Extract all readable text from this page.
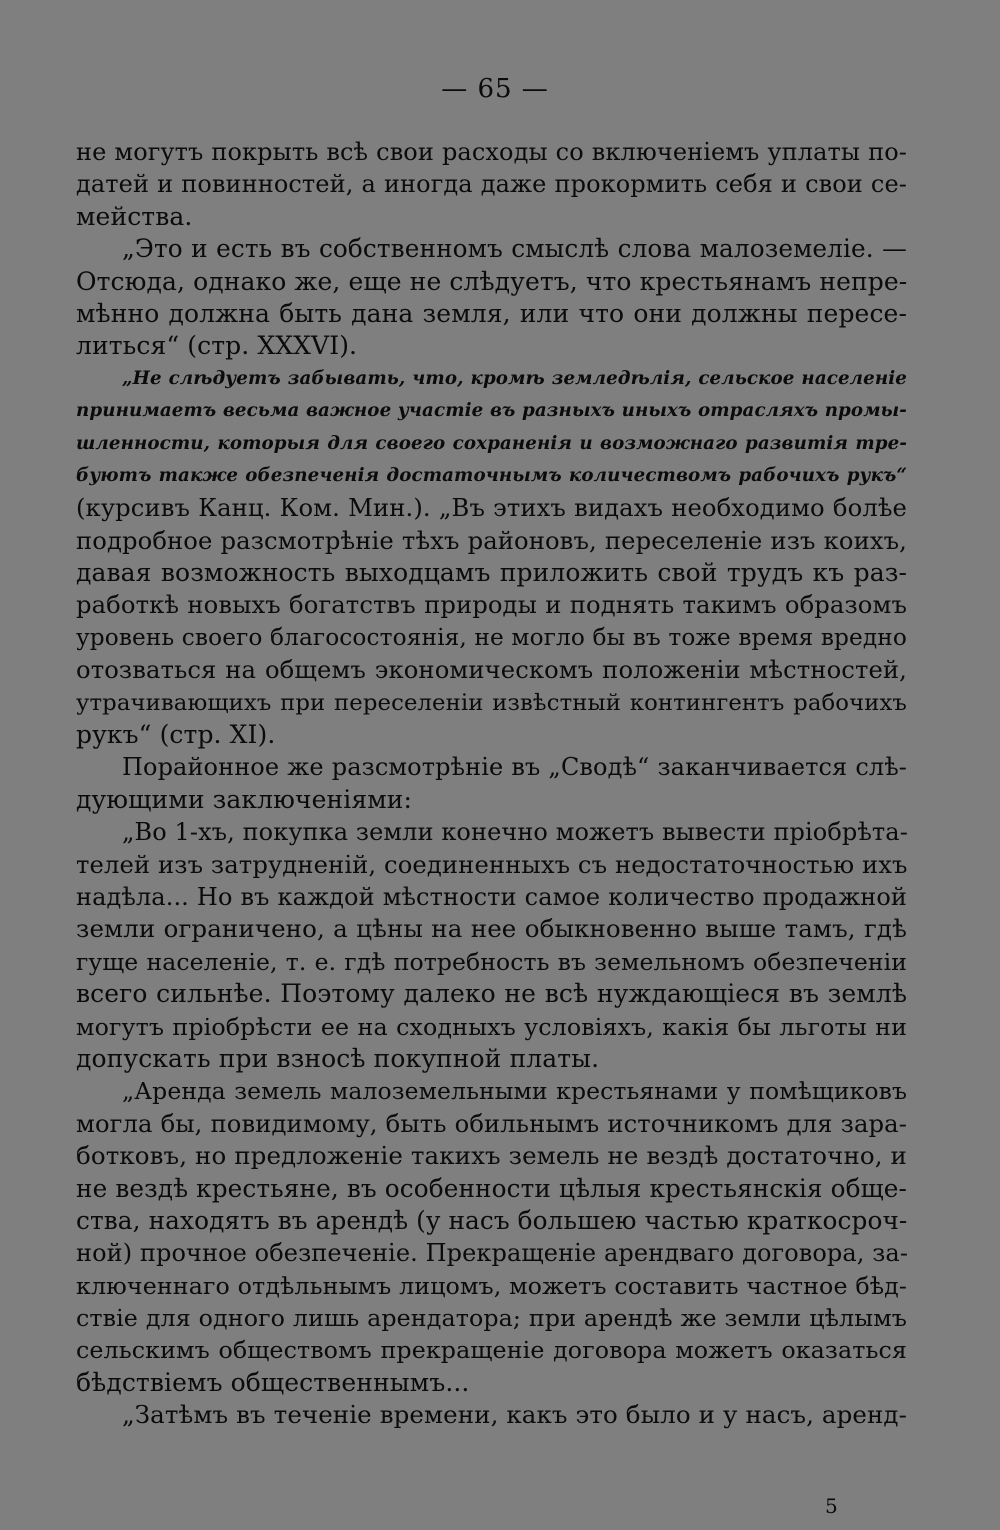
— 65 —
не могутъ покрыть всѣ свои расходы со включеніемъ уплаты по-
датей и повинностей, а иногда даже прокормить себя и свои се-
мейства.
„Это и есть въ собственномъ смыслѣ слова малоземеліе. —
Отсюда, однако же, еще не слѣдуетъ, что крестьянамъ непре-
мѣнно должна быть дана земля, или что они должны пересе-
литься“ (стр. XXXVI).
„Не слѣдуетъ забывать, что, кромѣ земледѣлія, сельское населеніе
принимаетъ весьма важное участіе въ разныхъ иныхъ отрасляхъ промы-
шленности, которыя для своего сохраненія и возможнаго развитія тре-
буютъ также обезпеченія достаточнымъ количествомъ рабочихъ рукъ“
(курсивъ Канц. Ком. Мин.). „Въ этихъ видахъ необходимо болѣе
подробное разсмотрѣніе тѣхъ районовъ, переселеніе изъ коихъ,
давая возможность выходцамъ приложить свой трудъ къ раз-
работкѣ новыхъ богатствъ природы и поднять такимъ образомъ
уровень своего благосостоянія, не могло бы въ тоже время вредно
отозваться на общемъ экономическомъ положеніи мѣстностей,
утрачивающихъ при переселеніи извѣстный контингентъ рабочихъ
рукъ“ (стр. XI).
Порайонное же разсмотрѣніе въ „Сводѣ“ заканчивается слѣ-
дующими заключеніями:
„Во 1-хъ, покупка земли конечно можетъ вывести пріобрѣта-
телей изъ затрудненій, соединенныхъ съ недостаточностью ихъ
надѣла... Но въ каждой мѣстности самое количество продажной
земли ограничено, а цѣны на нее обыкновенно выше тамъ, гдѣ
гуще населеніе, т. е. гдѣ потребность въ земельномъ обезпеченіи
всего сильнѣе. Поэтому далеко не всѣ нуждающіеся въ землѣ
могутъ пріобрѣсти ее на сходныхъ условіяхъ, какія бы льготы ни
допускать при взносѣ покупной платы.
„Аренда земель малоземельными крестьянами у помѣщиковъ
могла бы, повидимому, быть обильнымъ источникомъ для зара-
ботковъ, но предложеніе такихъ земель не вездѣ достаточно, и
не вездѣ крестьяне, въ особенности цѣлыя крестьянскія обще-
ства, находятъ въ арендѣ (у насъ большею частью краткосроч-
ной) прочное обезпеченіе. Прекращеніе арендваго договора, за-
ключеннаго отдѣльнымъ лицомъ, можетъ составить частное бѣд-
ствіе для одного лишь арендатора; при арендѣ же земли цѣлымъ
сельскимъ обществомъ прекращеніе договора можетъ оказаться
бѣдствіемъ общественнымъ...
„Затѣмъ въ теченіе времени, какъ это было и у насъ, аренд-
5
